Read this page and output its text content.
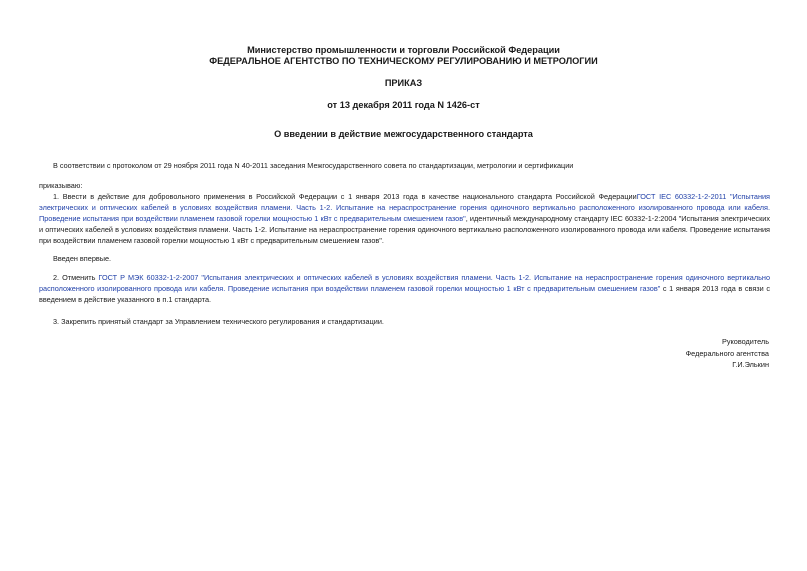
Министерство промышленности и торговли Российской Федерации
ФЕДЕРАЛЬНОЕ АГЕНТСТВО ПО ТЕХНИЧЕСКОМУ РЕГУЛИРОВАНИЮ И МЕТРОЛОГИИ
ПРИКАЗ
от 13 декабря 2011 года N 1426-ст
О введении в действие межгосударственного стандарта
В соответствии с протоколом от 29 ноября 2011 года N 40-2011 заседания Межгосударственного совета по стандартизации, метрологии и сертификации
приказываю:
1. Ввести в действие для добровольного применения в Российской Федерации с 1 января 2013 года в качестве национального стандарта Российской ФедерацииГОСТ IEC 60332-1-2-2011 "Испытания электрических и оптических кабелей в условиях воздействия пламени. Часть 1-2. Испытание на нераспространение горения одиночного вертикально расположенного изолированного провода или кабеля. Проведение испытания при воздействии пламенем газовой горелки мощностью 1 кВт с предварительным смешением газов", идентичный международному стандарту IEC 60332-1-2:2004 "Испытания электрических и оптических кабелей в условиях воздействия пламени. Часть 1-2. Испытание на нераспространение горения одиночного вертикально расположенного изолированного провода или кабеля. Проведение испытания при воздействии пламенем газовой горелки мощностью 1 кВт с предварительным смешением газов".
Введен впервые.
2. Отменить ГОСТ Р МЭК 60332-1-2-2007 "Испытания электрических и оптических кабелей в условиях воздействия пламени. Часть 1-2. Испытание на нераспространение горения одиночного вертикально расположенного изолированного провода или кабеля. Проведение испытания при воздействии пламенем газовой горелки мощностью 1 кВт с предварительным смешением газов" с 1 января 2013 года в связи с введением в действие указанного в п.1 стандарта.
3. Закрепить принятый стандарт за Управлением технического регулирования и стандартизации.
Руководитель
Федерального агентства
Г.И.Элькин
